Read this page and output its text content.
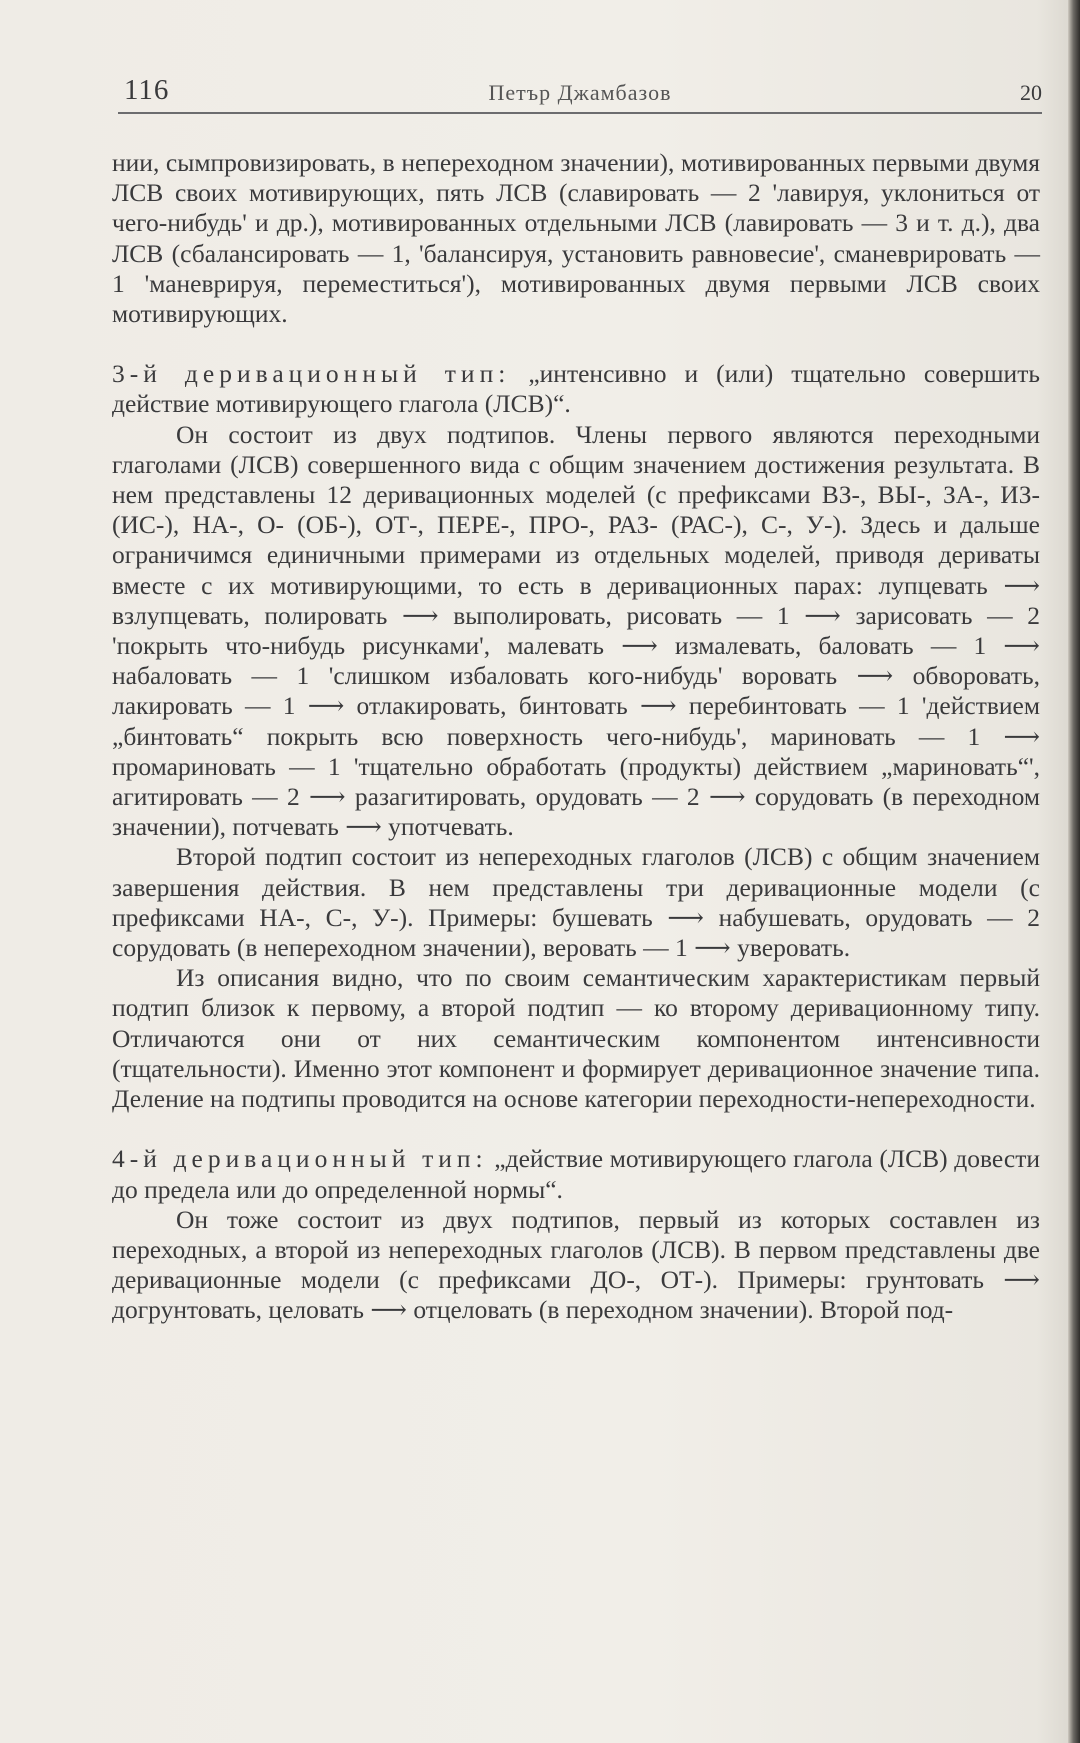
116	Петър Джамбазов	20

нии, сымпровизировать, в непереходном значении), мотивированных первыми двумя ЛСВ своих мотивирующих, пять ЛСВ (славировать — 2 'лавируя, уклониться от чего-нибудь' и др.), мотивированных отдельными ЛСВ (лавировать — 3 и т. д.), два ЛСВ (сбалансировать — 1, 'балансируя, установить равновесие', сманеврировать — 1 'маневрируя, переместиться'), мотивированных двумя первыми ЛСВ своих мотивирующих.

3-й деривационный тип: „интенсивно и (или) тщательно совершить действие мотивирующего глагола (ЛСВ)“.

Он состоит из двух подтипов. Члены первого являются переходными глаголами (ЛСВ) совершенного вида с общим значением достижения результата. В нем представлены 12 деривационных моделей (с префиксами ВЗ-, ВЫ-, ЗА-, ИЗ- (ИС-), НА-, О- (ОБ-), ОТ-, ПЕРЕ-, ПРО-, РАЗ- (РАС-), С-, У-). Здесь и дальше ограничимся единичными примерами из отдельных моделей, приводя дериваты вместе с их мотивирующими, то есть в деривационных парах: лупцевать ⟶ взлупцевать, полировать ⟶ выполировать, рисовать — 1 ⟶ зарисовать — 2 'покрыть что-нибудь рисунками', малевать ⟶ измалевать, баловать — 1 ⟶ набаловать — 1 'слишком избаловать кого-нибудь' воровать ⟶ обворовать, лакировать — 1 ⟶ отлакировать, бинтовать ⟶ перебинтовать — 1 'действием „бинтовать“ покрыть всю поверхность чего-нибудь', мариновать — 1 ⟶ промариновать — 1 'тщательно обработать (продукты) действием „мариновать“', агитировать — 2 ⟶ разагитировать, орудовать — 2 ⟶ сорудовать (в переходном значении), потчевать ⟶ употчевать.

Второй подтип состоит из непереходных глаголов (ЛСВ) с общим значением завершения действия. В нем представлены три деривационные модели (с префиксами НА-, С-, У-). Примеры: бушевать ⟶ набушевать, орудовать — 2 сорудовать (в непереходном значении), веровать — 1 ⟶ уверовать.

Из описания видно, что по своим семантическим характеристикам первый подтип близок к первому, а второй подтип — ко второму деривационному типу. Отличаются они от них семантическим компонентом интенсивности (тщательности). Именно этот компонент и формирует деривационное значение типа. Деление на подтипы проводится на основе категории переходности-непереходности.

4-й деривационный тип: „действие мотивирующего глагола (ЛСВ) довести до предела или до определенной нормы“.

Он тоже состоит из двух подтипов, первый из которых составлен из переходных, а второй из непереходных глаголов (ЛСВ). В первом представлены две деривационные модели (с префиксами ДО-, ОТ-). Примеры: грунтовать ⟶ догрунтовать, целовать ⟶ отцеловать (в переходном значении). Второй под-
